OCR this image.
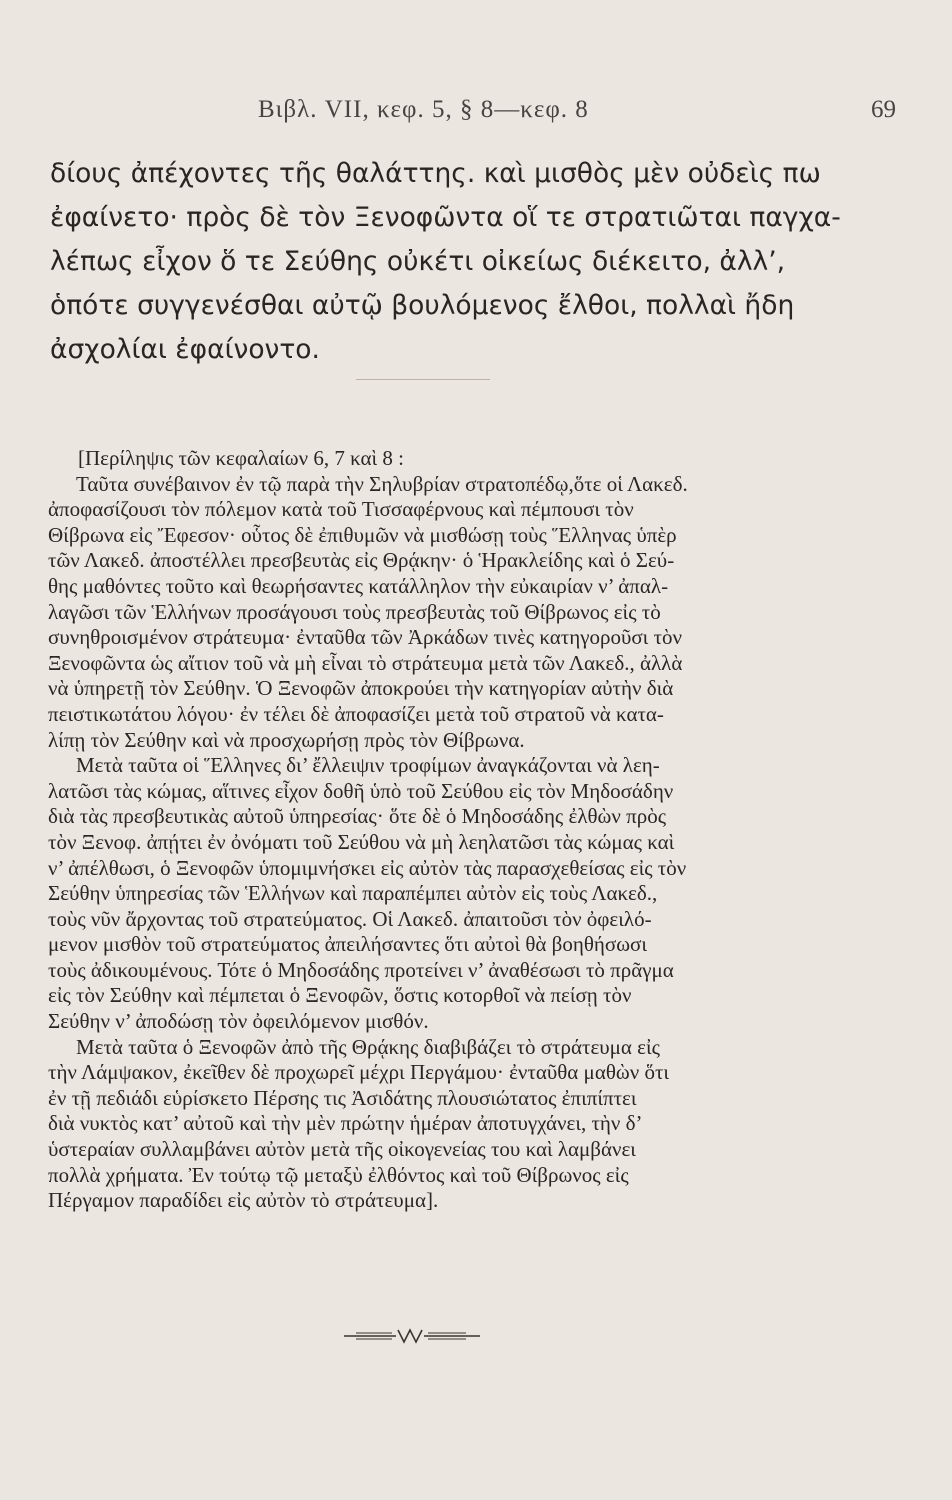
Βιβλ. VII, κεφ. 5, § 8—κεφ. 8	69
δίους ἀπέχοντες τῆς θαλάττης. καὶ μισθὸς μὲν οὐδεὶς πω
ἐφαίνετο· πρὸς δὲ τὸν Ξενοφῶντα οἵ τε στρατιῶται παγχα-
λέπως εἶχον ὅ τε Σεύθης οὐκέτι οἰκείως διέκειτο, ἀλλ’,
ὁπότε συγγενέσθαι αὐτῷ βουλόμενος ἔλθοι, πολλαὶ ἤδη
ἀσχολίαι ἐφαίνοντο.
[Περίληψις τῶν κεφαλαίων 6, 7 καὶ 8 :
Ταῦτα συνέβαινον ἐν τῷ παρὰ τὴν Σηλυβρίαν στρατοπέδῳ,ὅτε οἱ Λακεδ.
ἀποφασίζουσι τὸν πόλεμον κατὰ τοῦ Τισσαφέρνους καὶ πέμπουσι τὸν
Θίβρωνα εἰς Ἔφεσον· οὗτος δὲ ἐπιθυμῶν νὰ μισθώσῃ τοὺς Ἕλληνας ὑπὲρ
τῶν Λακεδ. ἀποστέλλει πρεσβευτὰς εἰς Θρᾴκην· ὁ Ἡρακλείδης καὶ ὁ Σεύ-
θης μαθόντες τοῦτο καὶ θεωρήσαντες κατάλληλον τὴν εὐκαιρίαν ν’ ἀπαλ-
λαγῶσι τῶν Ἑλλήνων προσάγουσι τοὺς πρεσβευτὰς τοῦ Θίβρωνος εἰς τὸ
συνηθροισμένον στράτευμα· ἐνταῦθα τῶν Ἀρκάδων τινὲς κατηγοροῦσι τὸν
Ξενοφῶντα ὡς αἴτιον τοῦ νὰ μὴ εἶναι τὸ στράτευμα μετὰ τῶν Λακεδ., ἀλλὰ
νὰ ὑπηρετῇ τὸν Σεύθην. Ὁ Ξενοφῶν ἀποκρούει τὴν κατηγορίαν αὐτὴν διὰ
πειστικωτάτου λόγου· ἐν τέλει δὲ ἀποφασίζει μετὰ τοῦ στρατοῦ νὰ κατα-
λίπῃ τὸν Σεύθην καὶ νὰ προσχωρήσῃ πρὸς τὸν Θίβρωνα.
Μετὰ ταῦτα οἱ Ἕλληνες δι’ ἔλλειψιν τροφίμων ἀναγκάζονται νὰ λεη-
λατῶσι τὰς κώμας, αἵτινες εἶχον δοθῆ ὑπὸ τοῦ Σεύθου εἰς τὸν Μηδοσάδην
διὰ τὰς πρεσβευτικὰς αὐτοῦ ὑπηρεσίας· ὅτε δὲ ὁ Μηδοσάδης ἐλθὼν πρὸς
τὸν Ξενοφ. ἀπῄτει ἐν ὀνόματι τοῦ Σεύθου νὰ μὴ λεηλατῶσι τὰς κώμας καὶ
ν’ ἀπέλθωσι, ὁ Ξενοφῶν ὑπομιμνήσκει εἰς αὐτὸν τὰς παρασχεθείσας εἰς τὸν
Σεύθην ὑπηρεσίας τῶν Ἑλλήνων καὶ παραπέμπει αὐτὸν εἰς τοὺς Λακεδ.,
τοὺς νῦν ἄρχοντας τοῦ στρατεύματος. Οἱ Λακεδ. ἀπαιτοῦσι τὸν ὀφειλό-
μενον μισθὸν τοῦ στρατεύματος ἀπειλήσαντες ὅτι αὐτοὶ θὰ βοηθήσωσι
τοὺς ἀδικουμένους. Τότε ὁ Μηδοσάδης προτείνει ν’ ἀναθέσωσι τὸ πρᾶγμα
εἰς τὸν Σεύθην καὶ πέμπεται ὁ Ξενοφῶν, ὅστις κοτορθοῖ νὰ πείσῃ τὸν
Σεύθην ν’ ἀποδώσῃ τὸν ὀφειλόμενον μισθόν.
Μετὰ ταῦτα ὁ Ξενοφῶν ἀπὸ τῆς Θρᾴκης διαβιβάζει τὸ στράτευμα εἰς
τὴν Λάμψακον, ἐκεῖθεν δὲ προχωρεῖ μέχρι Περγάμου· ἐνταῦθα μαθὼν ὅτι
ἐν τῇ πεδιάδι εὑρίσκετο Πέρσης τις Ἀσιδάτης πλουσιώτατος ἐπιπίπτει
διὰ νυκτὸς κατ’ αὐτοῦ καὶ τὴν μὲν πρώτην ἡμέραν ἀποτυγχάνει, τὴν δ’
ὑστεραίαν συλλαμβάνει αὐτὸν μετὰ τῆς οἰκογενείας του καὶ λαμβάνει
πολλὰ χρήματα. Ἐν τούτῳ τῷ μεταξὺ ἐλθόντος καὶ τοῦ Θίβρωνος εἰς
Πέργαμον παραδίδει εἰς αὐτὸν τὸ στράτευμα].
